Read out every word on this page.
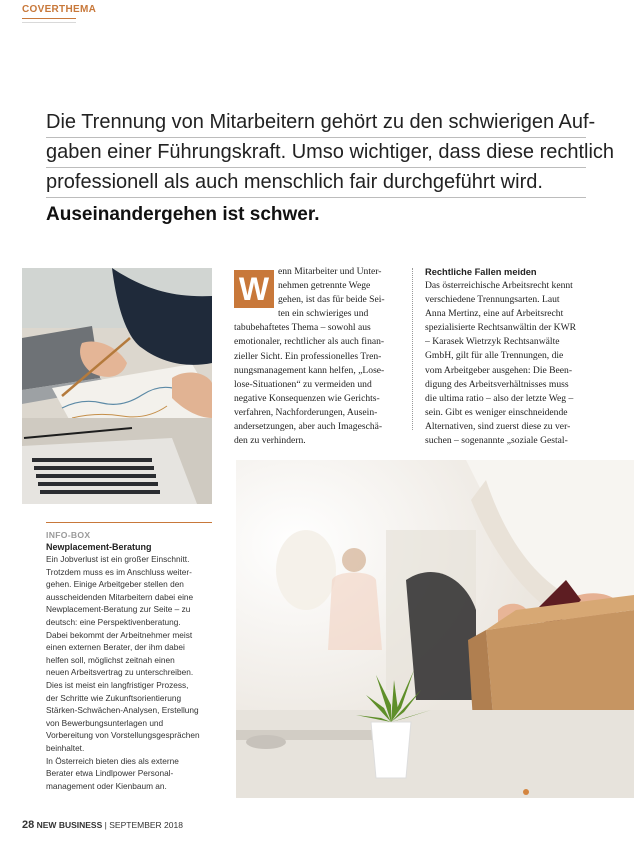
COVERTHEMA
Die Trennung von Mitarbeitern gehört zu den schwierigen Auf-
gaben einer Führungskraft. Umso wichtiger, dass diese rechtlich
professionell als auch menschlich fair durchgeführt wird.
Auseinandergehen ist schwer.
W enn Mitarbeiter und Unter-
nehmen getrennte Wege
gehen, ist das für beide Sei-
ten ein schwieriges und
tabubehaftetes Thema – sowohl aus
emotionaler, rechtlicher als auch finan-
zieller Sicht. Ein professionelles Tren-
nungsmanagement kann helfen, „Lose-
lose-Situationen“ zu vermeiden und
negative Konsequenzen wie Gerichts-
verfahren, Nachforderungen, Ausein-
andersetzungen, aber auch Imageschä-
den zu verhindern.
Rechtliche Fallen meiden
Das österreichische Arbeitsrecht kennt
verschiedene Trennungsarten. Laut
Anna Mertinz, eine auf Arbeitsrecht
spezialisierte Rechtsanwältin der KWR
– Karasek Wietrzyk Rechtsanwälte
GmbH, gilt für alle Trennungen, die
vom Arbeitgeber ausgehen: Die Been-
digung des Arbeitsverhältnisses muss
die ultima ratio – also der letzte Weg –
sein. Gibt es weniger einschneidende
Alternativen, sind zuerst diese zu ver-
suchen – sogenannte „soziale Gestal-
INFO-BOX
Newplacement-Beratung
Ein Jobverlust ist ein großer Einschnitt.
Trotzdem muss es im Anschluss weiter-
gehen. Einige Arbeitgeber stellen den
ausscheidenden Mitarbeitern dabei eine
Newplacement-Beratung zur Seite – zu
deutsch: eine Perspektivenberatung.
Dabei bekommt der Arbeitnehmer meist
einen externen Berater, der ihm dabei
helfen soll, möglichst zeitnah einen
neuen Arbeitsvertrag zu unterschreiben.
Dies ist meist ein langfristiger Prozess,
der Schritte wie Zukunftsorientierung
Stärken-Schwächen-Analysen, Erstellung
von Bewerbungsunterlagen und
Vorbereitung von Vorstellungsgesprächen
beinhaltet.
In Österreich bieten dies als externe
Berater etwa Lindlpower Personal-
management oder Kienbaum an.
28 NEW BUSINESS | SEPTEMBER 2018
